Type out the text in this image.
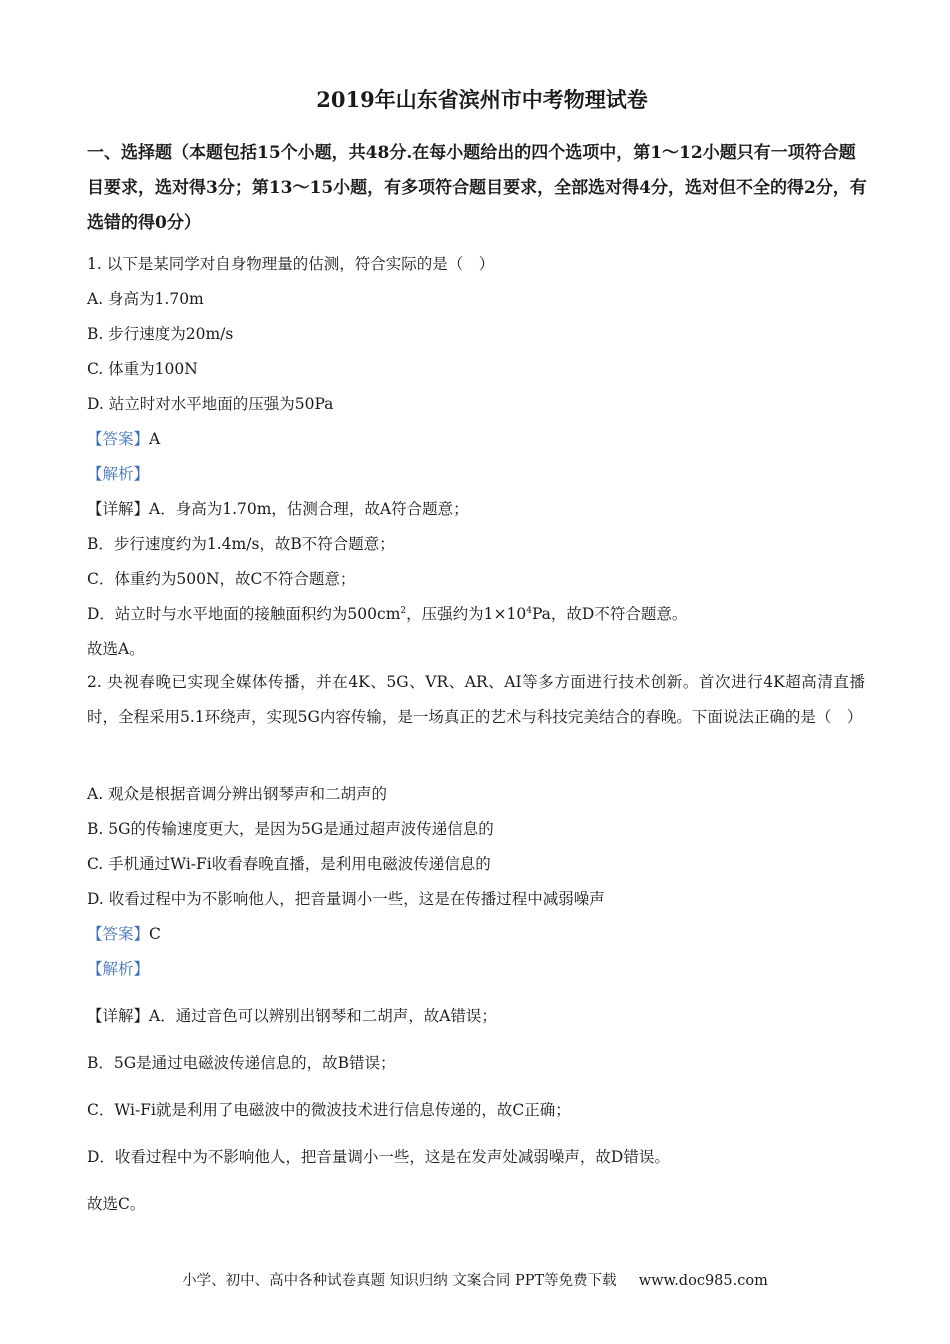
2019年山东省滨州市中考物理试卷

一、选择题（本题包括15个小题，共48分.在每小题给出的四个选项中，第1～12小题只有一项符合题目要求，选对得3分；第13～15小题，有多项符合题目要求，全部选对得4分，选对但不全的得2分，有选错的得0分）

1. 以下是某同学对自身物理量的估测，符合实际的是（　）

A. 身高为1.70m

B. 步行速度为20m/s

C. 体重为100N

D. 站立时对水平地面的压强为50Pa

【答案】A

【解析】

【详解】A．身高为1.70m，估测合理，故A符合题意；

B．步行速度约为1.4m/s，故B不符合题意；

C．体重约为500N，故C不符合题意；

D．站立时与水平地面的接触面积约为$500cm^2$，压强约为$1\times 10^4Pa$，故D不符合题意。

故选A。

2. 央视春晚已实现全媒体传播，并在4K、5G、VR、AR、AI等多方面进行技术创新。首次进行4K超高清直播时，全程采用5.1环绕声，实现5G内容传输，是一场真正的艺术与科技完美结合的春晚。下面说法正确的是（　）

A. 观众是根据音调分辨出钢琴声和二胡声的

B. 5G的传输速度更大，是因为5G是通过超声波传递信息的

C. 手机通过Wi-Fi收看春晚直播，是利用电磁波传递信息的

D. 收看过程中为不影响他人，把音量调小一些，这是在传播过程中减弱噪声

【答案】C

【解析】

【详解】A．通过音色可以辨别出钢琴和二胡声，故A错误；

B．5G是通过电磁波传递信息的，故B错误；

C．Wi-Fi就是利用了电磁波中的微波技术进行信息传递的，故C正确；

D．收看过程中为不影响他人，把音量调小一些，这是在发声处减弱噪声，故D错误。

故选C。

小学、初中、高中各种试卷真题 知识归纳 文案合同 PPT等免费下载 www.doc985.com
